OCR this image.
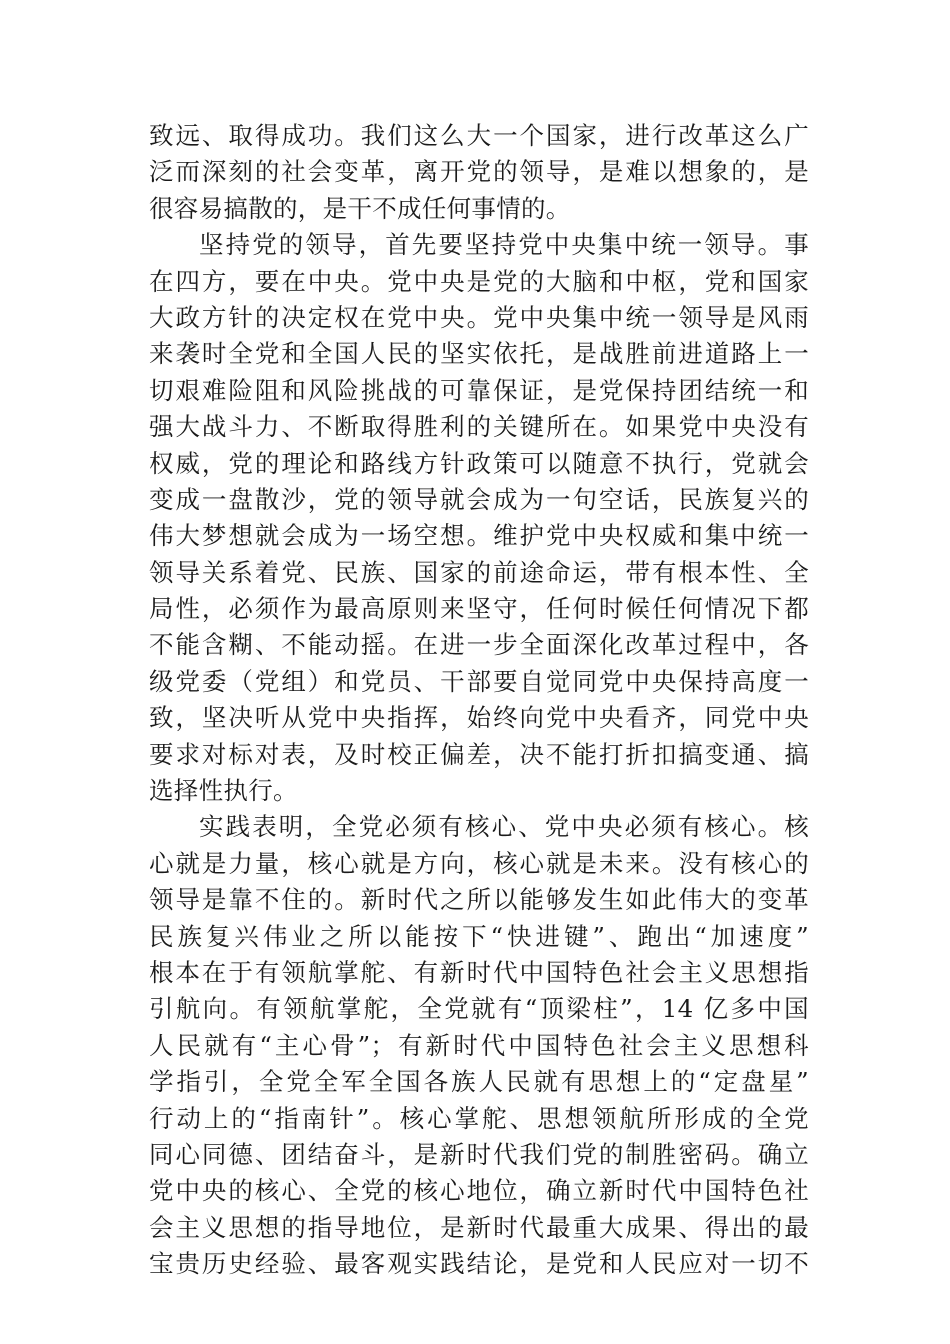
致远、取得成功。我们这么大一个国家，进行改革这么广
泛而深刻的社会变革，离开党的领导，是难以想象的，是
很容易搞散的，是干不成任何事情的。
坚持党的领导，首先要坚持党中央集中统一领导。事
在四方，要在中央。党中央是党的大脑和中枢，党和国家
大政方针的决定权在党中央。党中央集中统一领导是风雨
来袭时全党和全国人民的坚实依托，是战胜前进道路上一
切艰难险阻和风险挑战的可靠保证，是党保持团结统一和
强大战斗力、不断取得胜利的关键所在。如果党中央没有
权威，党的理论和路线方针政策可以随意不执行，党就会
变成一盘散沙，党的领导就会成为一句空话，民族复兴的
伟大梦想就会成为一场空想。维护党中央权威和集中统一
领导关系着党、民族、国家的前途命运，带有根本性、全
局性，必须作为最高原则来坚守，任何时候任何情况下都
不能含糊、不能动摇。在进一步全面深化改革过程中，各
级党委（党组）和党员、干部要自觉同党中央保持高度一
致，坚决听从党中央指挥，始终向党中央看齐，同党中央
要求对标对表，及时校正偏差，决不能打折扣搞变通、搞
选择性执行。
实践表明，全党必须有核心、党中央必须有核心。核
心就是力量，核心就是方向，核心就是未来。没有核心的
领导是靠不住的。新时代之所以能够发生如此伟大的变革
民族复兴伟业之所以能按下“快进键”、跑出“加速度”
根本在于有领航掌舵、有新时代中国特色社会主义思想指
引航向。有领航掌舵，全党就有“顶梁柱”，14 亿多中国
人民就有“主心骨”；有新时代中国特色社会主义思想科
学指引，全党全军全国各族人民就有思想上的“定盘星”
行动上的“指南针”。核心掌舵、思想领航所形成的全党
同心同德、团结奋斗，是新时代我们党的制胜密码。确立
党中央的核心、全党的核心地位，确立新时代中国特色社
会主义思想的指导地位，是新时代最重大成果、得出的最
宝贵历史经验、最客观实践结论，是党和人民应对一切不
